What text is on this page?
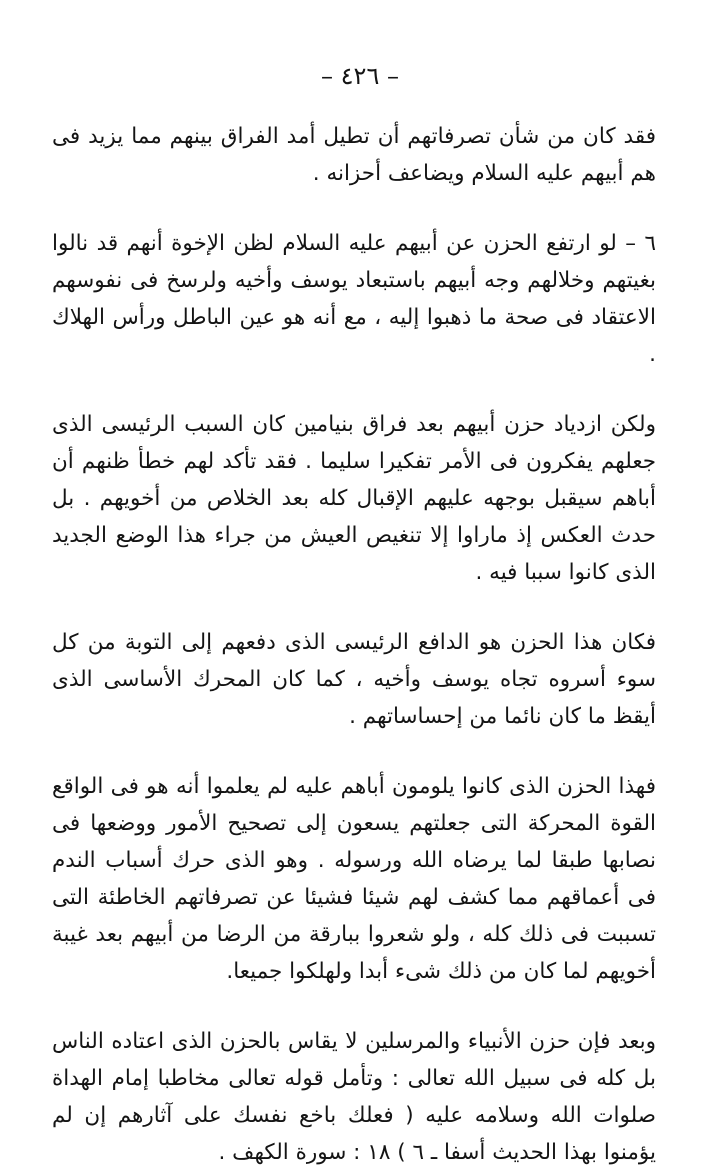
– ٤٢٦ –

فقد كان من شأن تصرفاتهم أن تطيل أمد الفراق بينهم مما يزيد فى هم أبيهم عليه السلام ويضاعف أحزانه .

٦ – لو ارتفع الحزن عن أبيهم عليه السلام لظن الإخوة أنهم قد نالوا بغيتهم وخلالهم وجه أبيهم باستبعاد يوسف وأخيه ولرسخ فى نفوسهم الاعتقاد فى صحة ما ذهبوا إليه ، مع أنه هو عين الباطل ورأس الهلاك .

ولكن ازدياد حزن أبيهم بعد فراق بنيامين كان السبب الرئيسى الذى جعلهم يفكرون فى الأمر تفكيرا سليما . فقد تأكد لهم خطأ ظنهم أن أباهم سيقبل بوجهه عليهم الإقبال كله بعد الخلاص من أخويهم . بل حدث العكس إذ ماراوا إلا تنغيص العيش من جراء هذا الوضع الجديد الذى كانوا سببا فيه .

فكان هذا الحزن هو الدافع الرئيسى الذى دفعهم إلى التوبة من كل سوء أسروه تجاه يوسف وأخيه ، كما كان المحرك الأساسى الذى أيقظ ما كان نائما من إحساساتهم .

فهذا الحزن الذى كانوا يلومون أباهم عليه لم يعلموا أنه هو فى الواقع القوة المحركة التى جعلتهم يسعون إلى تصحيح الأمور ووضعها فى نصابها طبقا لما يرضاه الله ورسوله . وهو الذى حرك أسباب الندم فى أعماقهم مما كشف لهم شيئا فشيئا عن تصرفاتهم الخاطئة التى تسببت فى ذلك كله ، ولو شعروا ببارقة من الرضا من أبيهم بعد غيبة أخويهم لما كان من ذلك شىء أبدا ولهلكوا جميعا.

وبعد فإن حزن الأنبياء والمرسلين لا يقاس بالحزن الذى اعتاده الناس بل كله فى سبيل الله تعالى : وتأمل قوله تعالى مخاطبا إمام الهداة صلوات الله وسلامه عليه ( فعلك باخع نفسك على آثارهم إن لم يؤمنوا بهذا الحديث أسفا ـ ٦ ) ١٨ : سورة الكهف .
